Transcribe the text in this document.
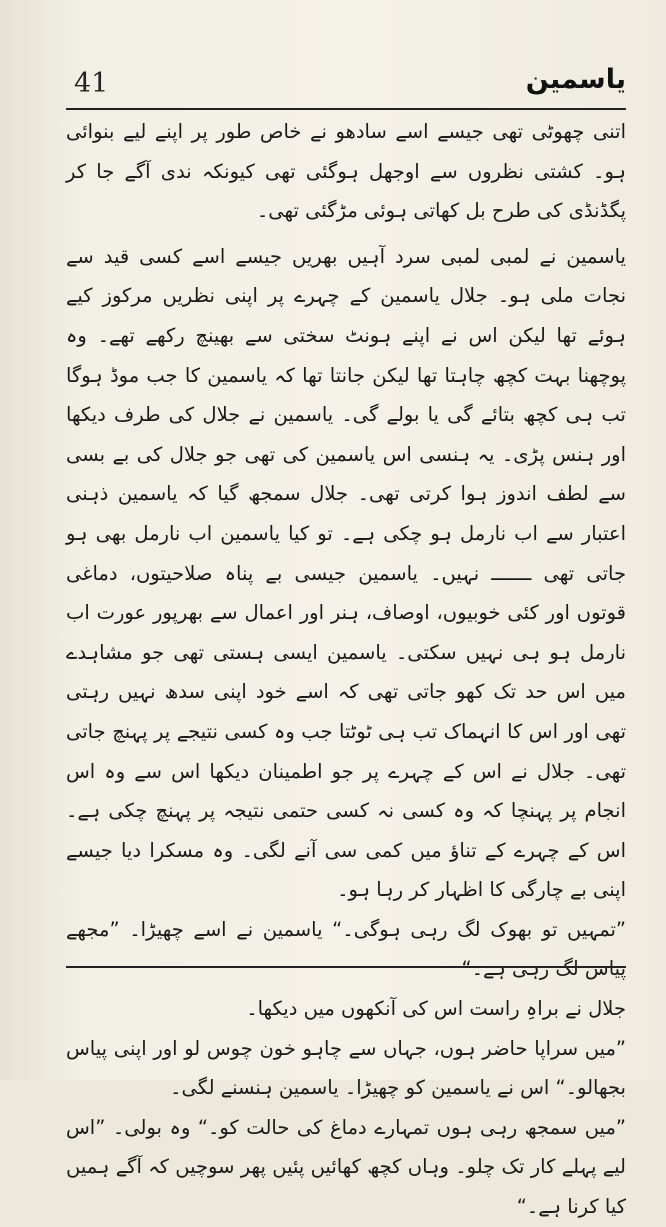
41	یاسمین

اتنی چھوٹی تھی جیسے اسے سادھو نے خاص طور پر اپنے لیے بنوائی ہو۔ کشتی نظروں سے اوجھل ہوگئی تھی کیونکہ ندی آگے جا کر پگڈنڈی کی طرح بل کھاتی ہوئی مڑگئی تھی۔

یاسمین نے لمبی لمبی سرد آہیں بھریں جیسے اسے کسی قید سے نجات ملی ہو۔ جلال یاسمین کے چہرے پر اپنی نظریں مرکوز کیے ہوئے تھا لیکن اس نے اپنے ہونٹ سختی سے بھینچ رکھے تھے۔ وہ پوچھنا بہت کچھ چاہتا تھا لیکن جانتا تھا کہ یاسمین کا جب موڈ ہوگا تب ہی کچھ بتائے گی یا بولے گی۔ یاسمین نے جلال کی طرف دیکھا اور ہنس پڑی۔ یہ ہنسی اس یاسمین کی تھی جو جلال کی بے بسی سے لطف اندوز ہوا کرتی تھی۔ جلال سمجھ گیا کہ یاسمین ذہنی اعتبار سے اب نارمل ہو چکی ہے۔ تو کیا یاسمین اب نارمل بھی ہو جاتی تھی ـــــــ نہیں۔ یاسمین جیسی بے پناہ صلاحیتوں، دماغی قوتوں اور کئی خوبیوں، اوصاف، ہنر اور اعمال سے بھرپور عورت اب نارمل ہو ہی نہیں سکتی۔ یاسمین ایسی ہستی تھی جو مشاہدے میں اس حد تک کھو جاتی تھی کہ اسے خود اپنی سدھ نہیں رہتی تھی اور اس کا انہماک تب ہی ٹوٹتا جب وہ کسی نتیجے پر پہنچ جاتی تھی۔ جلال نے اس کے چہرے پر جو اطمینان دیکھا اس سے وہ اس انجام پر پہنچا کہ وہ کسی نہ کسی حتمی نتیجہ پر پہنچ چکی ہے۔ اس کے چہرے کے تناؤ میں کمی سی آنے لگی۔ وہ مسکرا دیا جیسے اپنی بے چارگی کا اظہار کر رہا ہو۔

”تمہیں تو بھوک لگ رہی ہوگی۔“ یاسمین نے اسے چھیڑا۔ ”مجھے پیاس لگ رہی ہے۔“

جلال نے براہِ راست اس کی آنکھوں میں دیکھا۔

”میں سراپا حاضر ہوں، جہاں سے چاہو خون چوس لو اور اپنی پیاس بجھالو۔“ اس نے یاسمین کو چھیڑا۔ یاسمین ہنسنے لگی۔

”میں سمجھ رہی ہوں تمہارے دماغ کی حالت کو۔“ وہ بولی۔ ”اس لیے پہلے کار تک چلو۔ وہاں کچھ کھائیں پئیں پھر سوچیں کہ آگے ہمیں کیا کرنا ہے۔“
